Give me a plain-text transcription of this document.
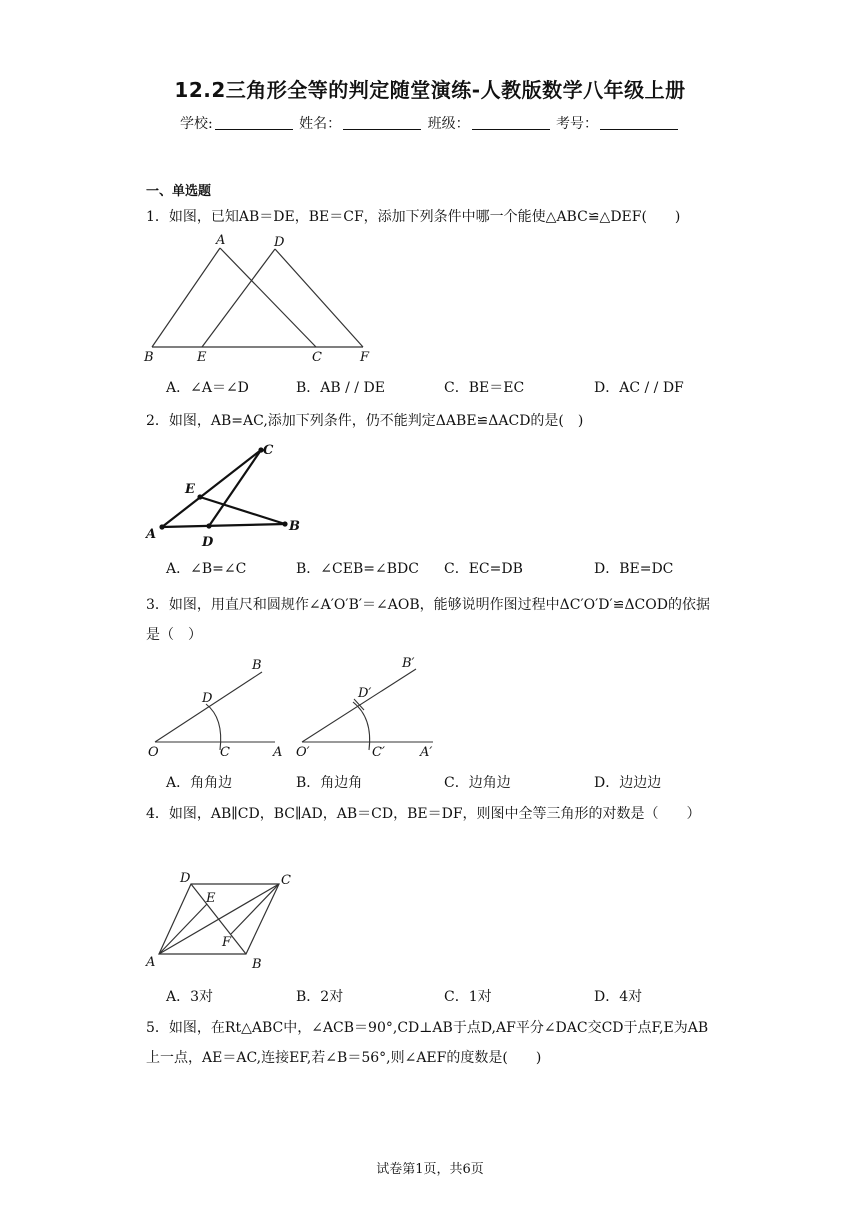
12.2三角形全等的判定随堂演练-人教版数学八年级上册
学校:	姓名：	班级：	考号：
一、单选题
1．如图，已知AB＝DE，BE＝CF，添加下列条件中哪一个能使△ABC≌△DEF(　　)
A	D
B	E	C	F
A．∠A＝∠D	B．AB / / DE	C．BE＝EC	D．AC / / DF
2．如图，AB=AC,添加下列条件，仍不能判定ΔABE≌ΔACD的是(　)
C
E
A
D
B
A．∠B=∠C	B．∠CEB=∠BDC C．EC=DB	D．BE=DC
3．如图，用直尺和圆规作∠A′O′B′＝∠AOB，能够说明作图过程中ΔC′O′D′≌ΔCOD的依据是（　）
B
D
O	C	A
B′
D′
O′	C′	A′
A．角角边	B．角边角	C．边角边	D．边边边
4．如图，AB∥CD，BC∥AD，AB＝CD，BE＝DF，则图中全等三角形的对数是（　　）
D	C
E
F
A	B
A．3对	B．2对	C．1对	D．4对
5．如图，在Rt△ABC中，∠ACB＝90°,CD⊥AB于点D,AF平分∠DAC交CD于点F,E为AB上一点，AE＝AC,连接EF,若∠B＝56°,则∠AEF的度数是(　　)
试卷第1页，共6页
